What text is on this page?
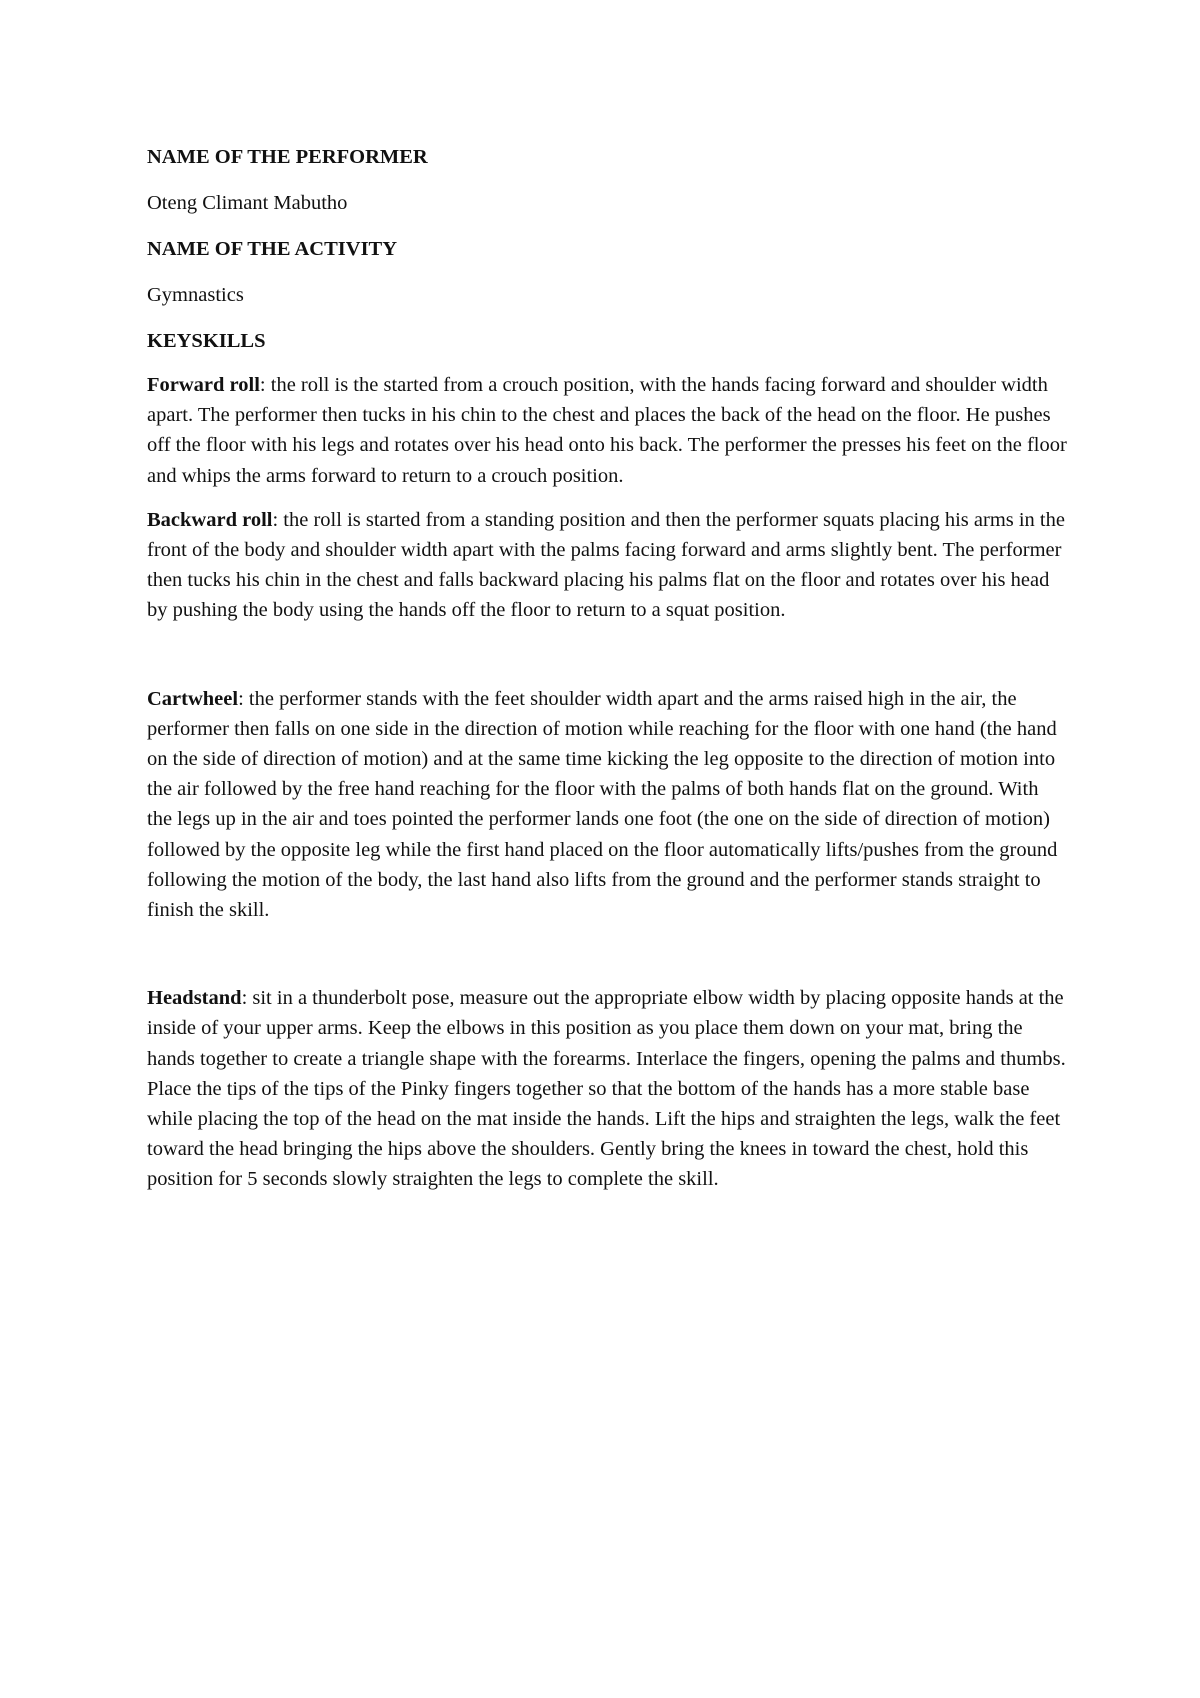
NAME OF THE PERFORMER

Oteng Climant Mabutho

NAME OF THE ACTIVITY

Gymnastics

KEYSKILLS

Forward roll: the roll is the started from a crouch position, with the hands facing forward and shoulder width apart. The performer then tucks in his chin to the chest and places the back of the head on the floor. He pushes off the floor with his legs and rotates over his head onto his back. The performer the presses his feet on the floor and whips the arms forward to return to a crouch position.

Backward roll: the roll is started from a standing position and then the performer squats placing his arms in the front of the body and shoulder width apart with the palms facing forward and arms slightly bent. The performer then tucks his chin in the chest and falls backward placing his palms flat on the floor and rotates over his head by pushing the body using the hands off the floor to return to a squat position.

Cartwheel: the performer stands with the feet shoulder width apart and the arms raised high in the air, the performer then falls on one side in the direction of motion while reaching for the floor with one hand (the hand on the side of direction of motion) and at the same time kicking the leg opposite to the direction of motion into the air followed by the free hand reaching for the floor with the palms of both hands flat on the ground. With the legs up in the air and toes pointed the performer lands one foot (the one on the side of direction of motion) followed by the opposite leg while the first hand placed on the floor automatically lifts/pushes from the ground following the motion of the body, the last hand also lifts from the ground and the performer stands straight to finish the skill.

Headstand: sit in a thunderbolt pose, measure out the appropriate elbow width by placing opposite hands at the inside of your upper arms. Keep the elbows in this position as you place them down on your mat, bring the hands together to create a triangle shape with the forearms. Interlace the fingers, opening the palms and thumbs. Place the tips of the tips of the Pinky fingers together so that the bottom of the hands has a more stable base while placing the top of the head on the mat inside the hands. Lift the hips and straighten the legs, walk the feet toward the head bringing the hips above the shoulders. Gently bring the knees in toward the chest, hold this position for 5 seconds slowly straighten the legs to complete the skill.
